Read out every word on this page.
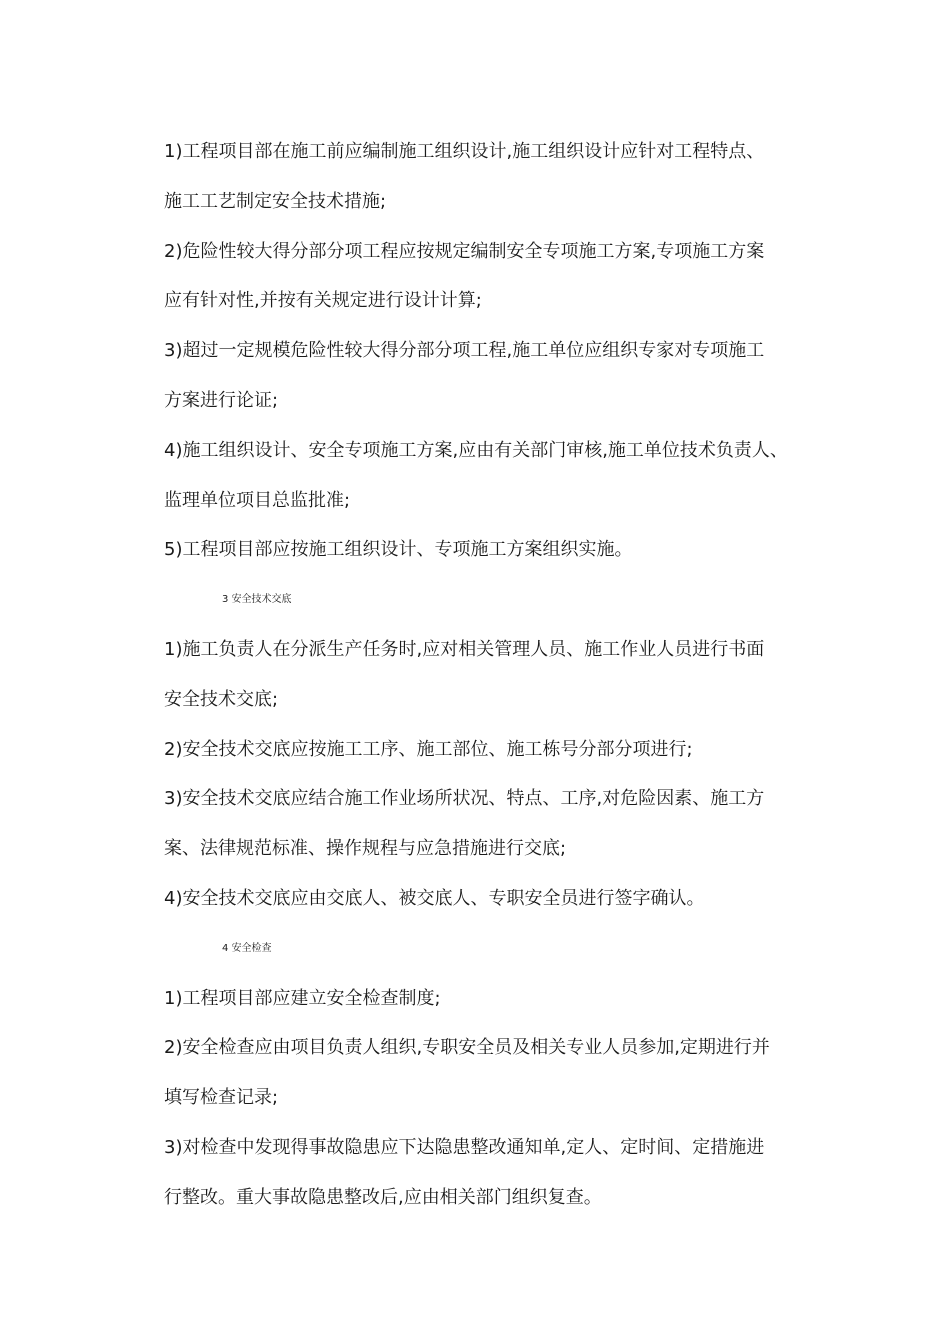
1)工程项目部在施工前应编制施工组织设计,施工组织设计应针对工程特点、
施工工艺制定安全技术措施;
2)危险性较大得分部分项工程应按规定编制安全专项施工方案,专项施工方案
应有针对性,并按有关规定进行设计计算;
3)超过一定规模危险性较大得分部分项工程,施工单位应组织专家对专项施工
方案进行论证;
4)施工组织设计、安全专项施工方案,应由有关部门审核,施工单位技术负责人、
监理单位项目总监批准;
5)工程项目部应按施工组织设计、专项施工方案组织实施。
3 安全技术交底
1)施工负责人在分派生产任务时,应对相关管理人员、施工作业人员进行书面
安全技术交底;
2)安全技术交底应按施工工序、施工部位、施工栋号分部分项进行;
3)安全技术交底应结合施工作业场所状况、特点、工序,对危险因素、施工方
案、法律规范标准、操作规程与应急措施进行交底;
4)安全技术交底应由交底人、被交底人、专职安全员进行签字确认。
4 安全检查
1)工程项目部应建立安全检查制度;
2)安全检查应由项目负责人组织,专职安全员及相关专业人员参加,定期进行并
填写检查记录;
3)对检查中发现得事故隐患应下达隐患整改通知单,定人、定时间、定措施进
行整改。重大事故隐患整改后,应由相关部门组织复查。
